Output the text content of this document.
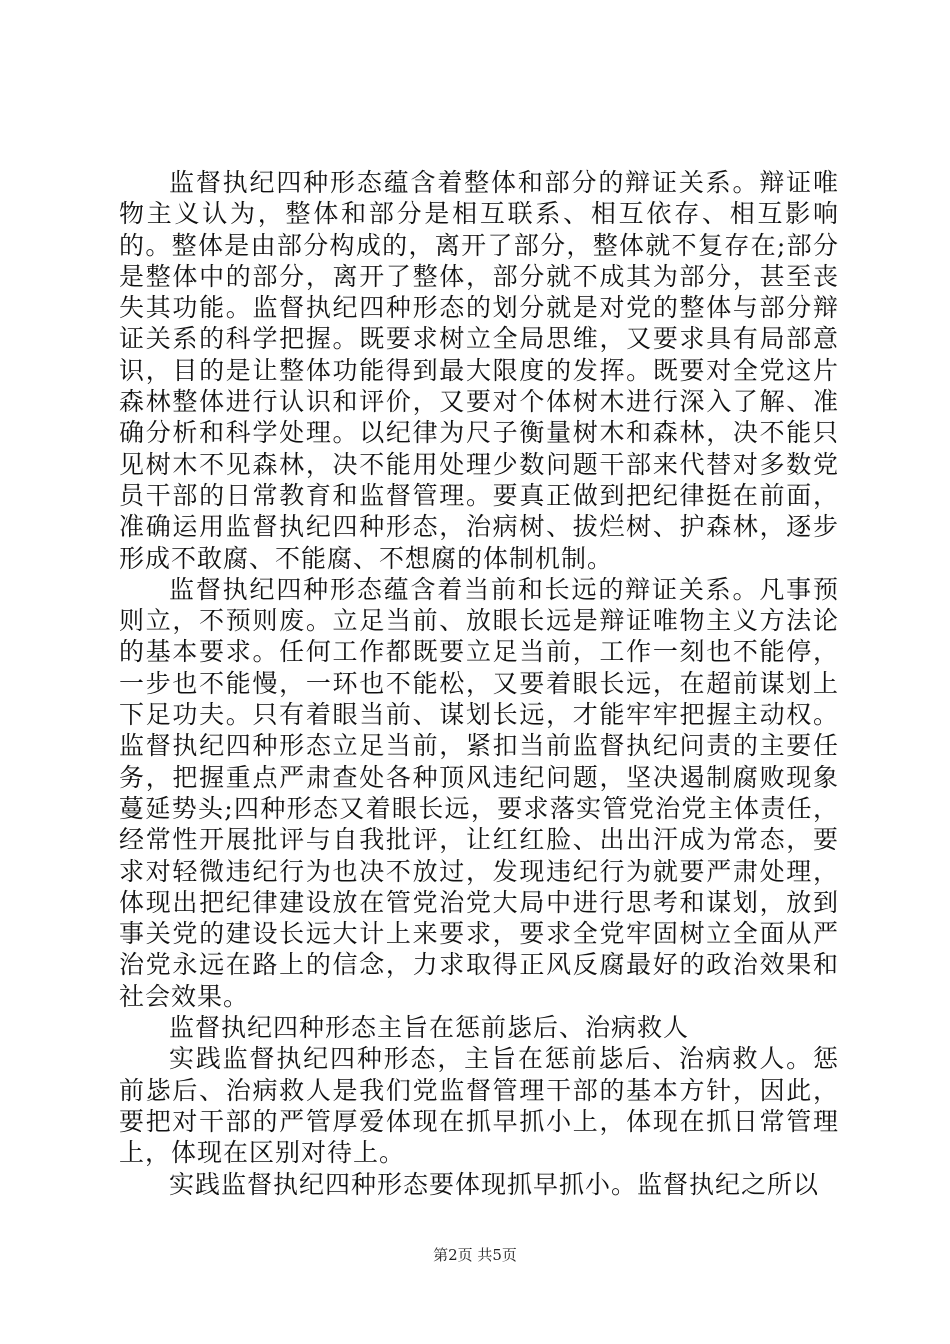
监督执纪四种形态蕴含着整体和部分的辩证关系。辩证唯物主义认为，整体和部分是相互联系、相互依存、相互影响的。整体是由部分构成的，离开了部分，整体就不复存在;部分是整体中的部分，离开了整体，部分就不成其为部分，甚至丧失其功能。监督执纪四种形态的划分就是对党的整体与部分辩证关系的科学把握。既要求树立全局思维，又要求具有局部意识，目的是让整体功能得到最大限度的发挥。既要对全党这片森林整体进行认识和评价，又要对个体树木进行深入了解、准确分析和科学处理。以纪律为尺子衡量树木和森林，决不能只见树木不见森林，决不能用处理少数问题干部来代替对多数党员干部的日常教育和监督管理。要真正做到把纪律挺在前面，准确运用监督执纪四种形态，治病树、拔烂树、护森林，逐步形成不敢腐、不能腐、不想腐的体制机制。

监督执纪四种形态蕴含着当前和长远的辩证关系。凡事预则立，不预则废。立足当前、放眼长远是辩证唯物主义方法论的基本要求。任何工作都既要立足当前，工作一刻也不能停，一步也不能慢，一环也不能松，又要着眼长远，在超前谋划上下足功夫。只有着眼当前、谋划长远，才能牢牢把握主动权。监督执纪四种形态立足当前，紧扣当前监督执纪问责的主要任务，把握重点严肃查处各种顶风违纪问题，坚决遏制腐败现象蔓延势头;四种形态又着眼长远，要求落实管党治党主体责任，经常性开展批评与自我批评，让红红脸、出出汗成为常态，要求对轻微违纪行为也决不放过，发现违纪行为就要严肃处理，体现出把纪律建设放在管党治党大局中进行思考和谋划，放到事关党的建设长远大计上来要求，要求全党牢固树立全面从严治党永远在路上的信念，力求取得正风反腐最好的政治效果和社会效果。

监督执纪四种形态主旨在惩前毖后、治病救人

实践监督执纪四种形态，主旨在惩前毖后、治病救人。惩前毖后、治病救人是我们党监督管理干部的基本方针，因此，要把对干部的严管厚爱体现在抓早抓小上，体现在抓日常管理上，体现在区别对待上。

实践监督执纪四种形态要体现抓早抓小。监督执纪之所以

第2页 共5页
